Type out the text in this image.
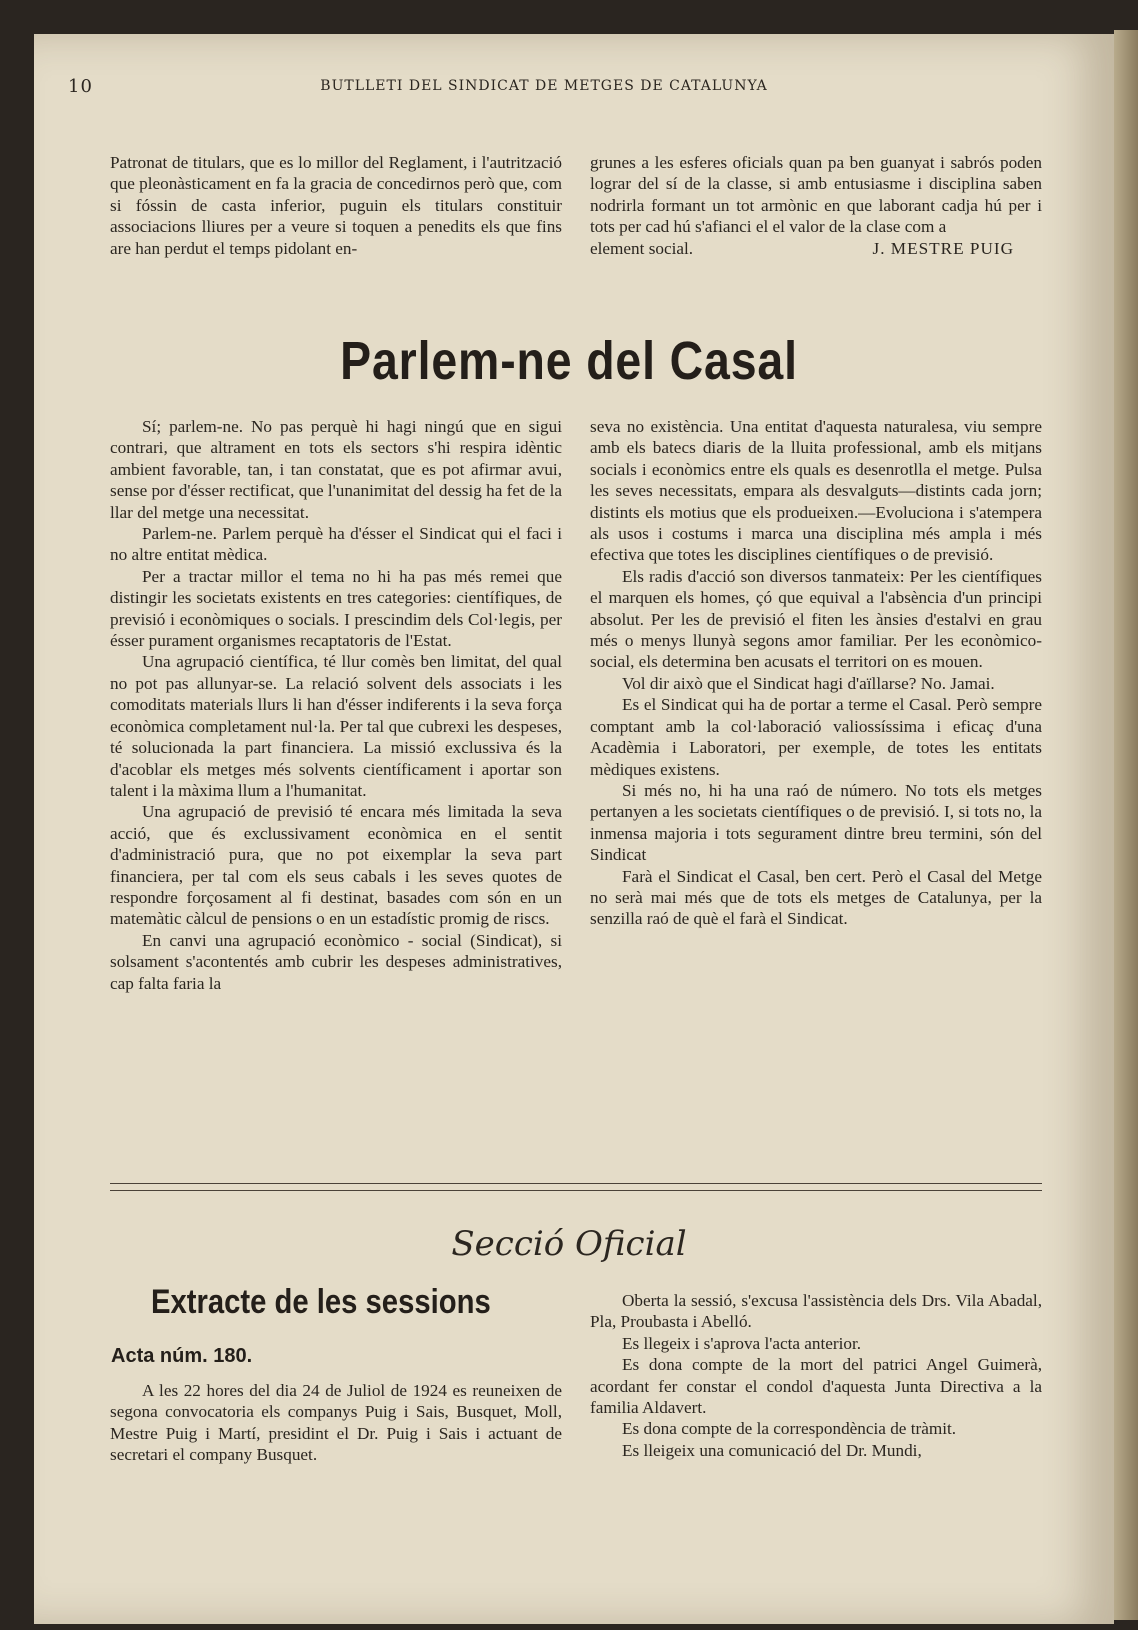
10	BUTLLETI DEL SINDICAT DE METGES DE CATALUNYA

Patronat de titulars, que es lo millor del Reglament, i l'autrització que pleonàsticament en fa la gracia de concedirnos però que, com si fóssin de casta inferior, puguin els titulars constituir associacions lliures per a veure si toquen a penedits els que fins are han perdut el temps pidolant en-

grunes a les esferes oficials quan pa ben guanyat i sabrós poden lograr del sí de la classe, si amb entusiasme i disciplina saben nodrirla formant un tot armònic en que laborant cadja hú per i tots per cad hú s'afianci el el valor de la clase com a

element social.	J. MESTRE PUIG
Parlem-ne del Casal

Sí; parlem-ne. No pas perquè hi hagi ningú que en sigui contrari, que altrament en tots els sectors s'hi respira idèntic ambient favorable, tan, i tan constatat, que es pot afirmar avui, sense por d'ésser rectificat, que l'unanimitat del dessig ha fet de la llar del metge una necessitat.

Parlem-ne. Parlem perquè ha d'ésser el Sindicat qui el faci i no altre entitat mèdica.

Per a tractar millor el tema no hi ha pas més remei que distingir les societats existents en tres categories: científiques, de previsió i econòmiques o socials. I prescindim dels Col·legis, per ésser purament organismes recaptatoris de l'Estat.

Una agrupació científica, té llur comès ben limitat, del qual no pot pas allunyar-se. La relació solvent dels associats i les comoditats materials llurs li han d'ésser indiferents i la seva força econòmica completament nul·la. Per tal que cubrexi les despeses, té solucionada la part financiera. La missió exclussiva és la d'acoblar els metges més solvents científicament i aportar son talent i la màxima llum a l'humanitat.

Una agrupació de previsió té encara més limitada la seva acció, que és exclussivament econòmica en el sentit d'administració pura, que no pot eixemplar la seva part financiera, per tal com els seus cabals i les seves quotes de respondre forçosament al fi destinat, basades com són en un matemàtic càlcul de pensions o en un estadístic promig de riscs.

En canvi una agrupació econòmico - social (Sindicat), si solsament s'acontentés amb cubrir les despeses administratives, cap falta faria la

seva no existència. Una entitat d'aquesta naturalesa, viu sempre amb els batecs diaris de la lluita professional, amb els mitjans socials i econòmics entre els quals es desenrotlla el metge. Pulsa les seves necessitats, empara als desvalguts—distints cada jorn; distints els motius que els produeixen.—Evoluciona i s'atempera als usos i costums i marca una disciplina més ampla i més efectiva que totes les disciplines científiques o de previsió.

Els radis d'acció son diversos tanmateix: Per les científiques el marquen els homes, çó que equival a l'absència d'un principi absolut. Per les de previsió el fiten les ànsies d'estalvi en grau més o menys llunyà segons amor familiar. Per les econòmico-social, els determina ben acusats el territori on es mouen.

Vol dir això que el Sindicat hagi d'aïllarse? No. Jamai.

Es el Sindicat qui ha de portar a terme el Casal. Però sempre comptant amb la col·laboració valiossíssima i eficaç d'una Acadèmia i Laboratori, per exemple, de totes les entitats mèdiques existens.

Si més no, hi ha una raó de número. No tots els metges pertanyen a les societats científiques o de previsió. I, si tots no, la inmensa majoria i tots segurament dintre breu termini, són del Sindicat

Farà el Sindicat el Casal, ben cert. Però el Casal del Metge no serà mai més que de tots els metges de Catalunya, per la senzilla raó de què el farà el Sindicat.

Secció Oficial
Extracte de les sessions
Acta núm. 180.

A les 22 hores del dia 24 de Juliol de 1924 es reuneixen de segona convocatoria els companys Puig i Sais, Busquet, Moll, Mestre Puig i Martí, presidint el Dr. Puig i Sais i actuant de secretari el company Busquet.

Oberta la sessió, s'excusa l'assistència dels Drs. Vila Abadal, Pla, Proubasta i Abelló.

Es llegeix i s'aprova l'acta anterior.

Es dona compte de la mort del patrici Angel Guimerà, acordant fer constar el condol d'aquesta Junta Directiva a la familia Aldavert.

Es dona compte de la correspondència de tràmit.

Es lleigeix una comunicació del Dr. Mundi,
